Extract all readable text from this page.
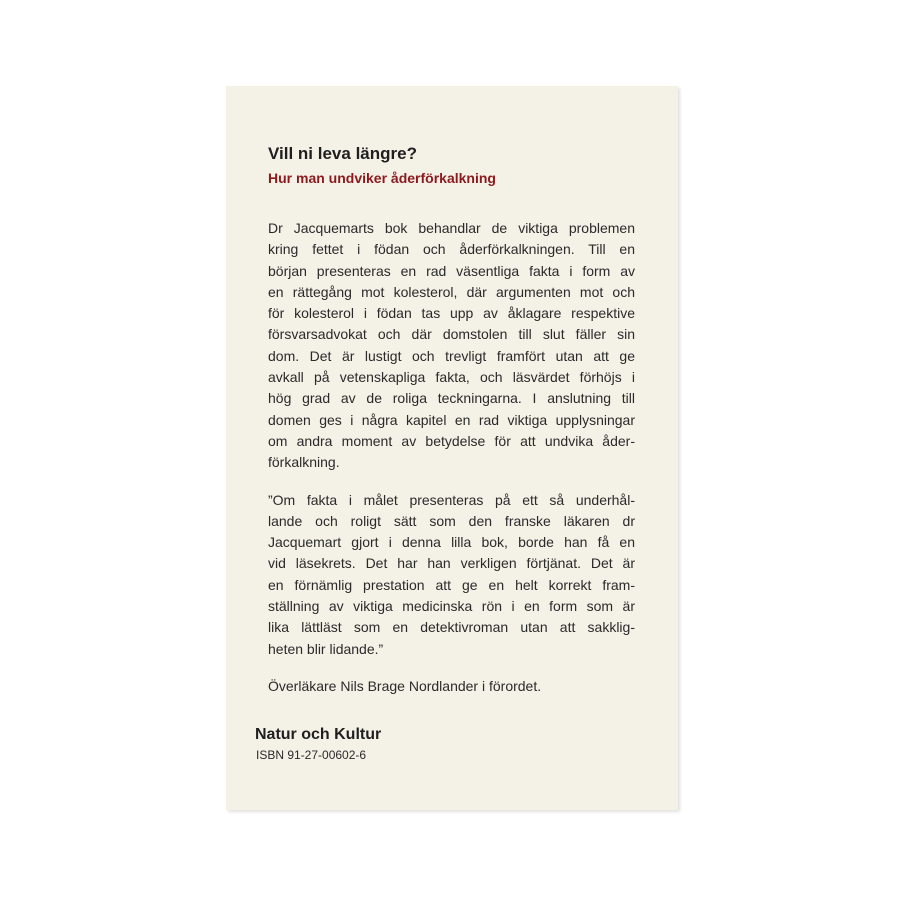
Vill ni leva längre?
Hur man undviker åderförkalkning
Dr Jacquemarts bok behandlar de viktiga problemen
kring fettet i födan och åderförkalkningen. Till en
början presenteras en rad väsentliga fakta i form av
en rättegång mot kolesterol, där argumenten mot och
för kolesterol i födan tas upp av åklagare respektive
försvarsadvokat och där domstolen till slut fäller sin
dom. Det är lustigt och trevligt framfört utan att ge
avkall på vetenskapliga fakta, och läsvärdet förhöjs i
hög grad av de roliga teckningarna. I anslutning till
domen ges i några kapitel en rad viktiga upplysningar
om andra moment av betydelse för att undvika åder-
förkalkning.
”Om fakta i målet presenteras på ett så underhål-
lande och roligt sätt som den franske läkaren dr
Jacquemart gjort i denna lilla bok, borde han få en
vid läsekrets. Det har han verkligen förtjänat. Det är
en förnämlig prestation att ge en helt korrekt fram-
ställning av viktiga medicinska rön i en form som är
lika lättläst som en detektivroman utan att sakklig-
heten blir lidande.”

Överläkare Nils Brage Nordlander i förordet.

Natur och Kultur

ISBN 91-27-00602-6
